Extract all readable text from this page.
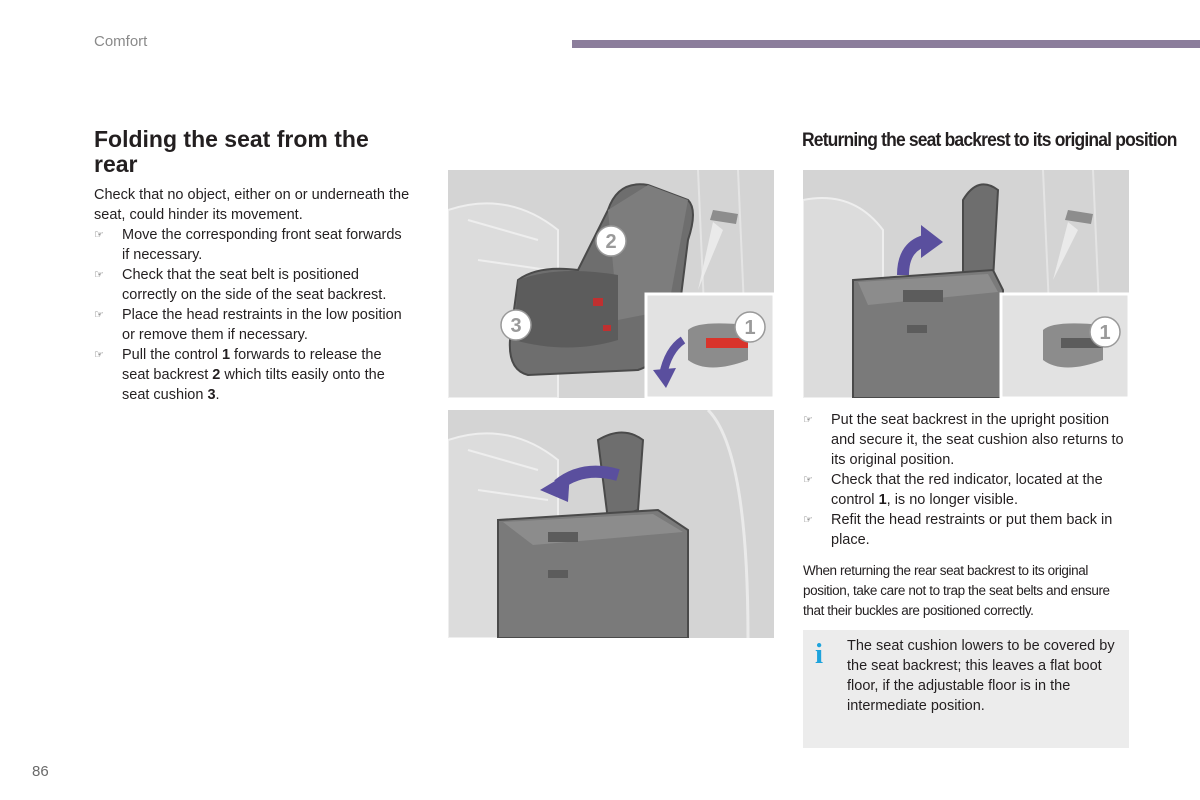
Comfort
Folding the seat from the rear

Check that no object, either on or underneath the seat, could hinder its movement.

☞ Move the corresponding front seat forwards if necessary.
☞ Check that the seat belt is positioned correctly on the side of the seat backrest.
☞ Place the head restraints in the low position or remove them if necessary.
☞ Pull the control 1 forwards to release the seat backrest 2 which tilts easily onto the seat cushion 3.
Returning the seat backrest to its original position
☞ Put the seat backrest in the upright position and secure it, the seat cushion also returns to its original position.
☞ Check that the red indicator, located at the control 1, is no longer visible.
☞ Refit the head restraints or put them back in place.

When returning the rear seat backrest to its original position, take care not to trap the seat belts and ensure that their buckles are positioned correctly.

i The seat cushion lowers to be covered by the seat backrest; this leaves a flat boot floor, if the adjustable floor is in the intermediate position.

86
2
3	1	1
